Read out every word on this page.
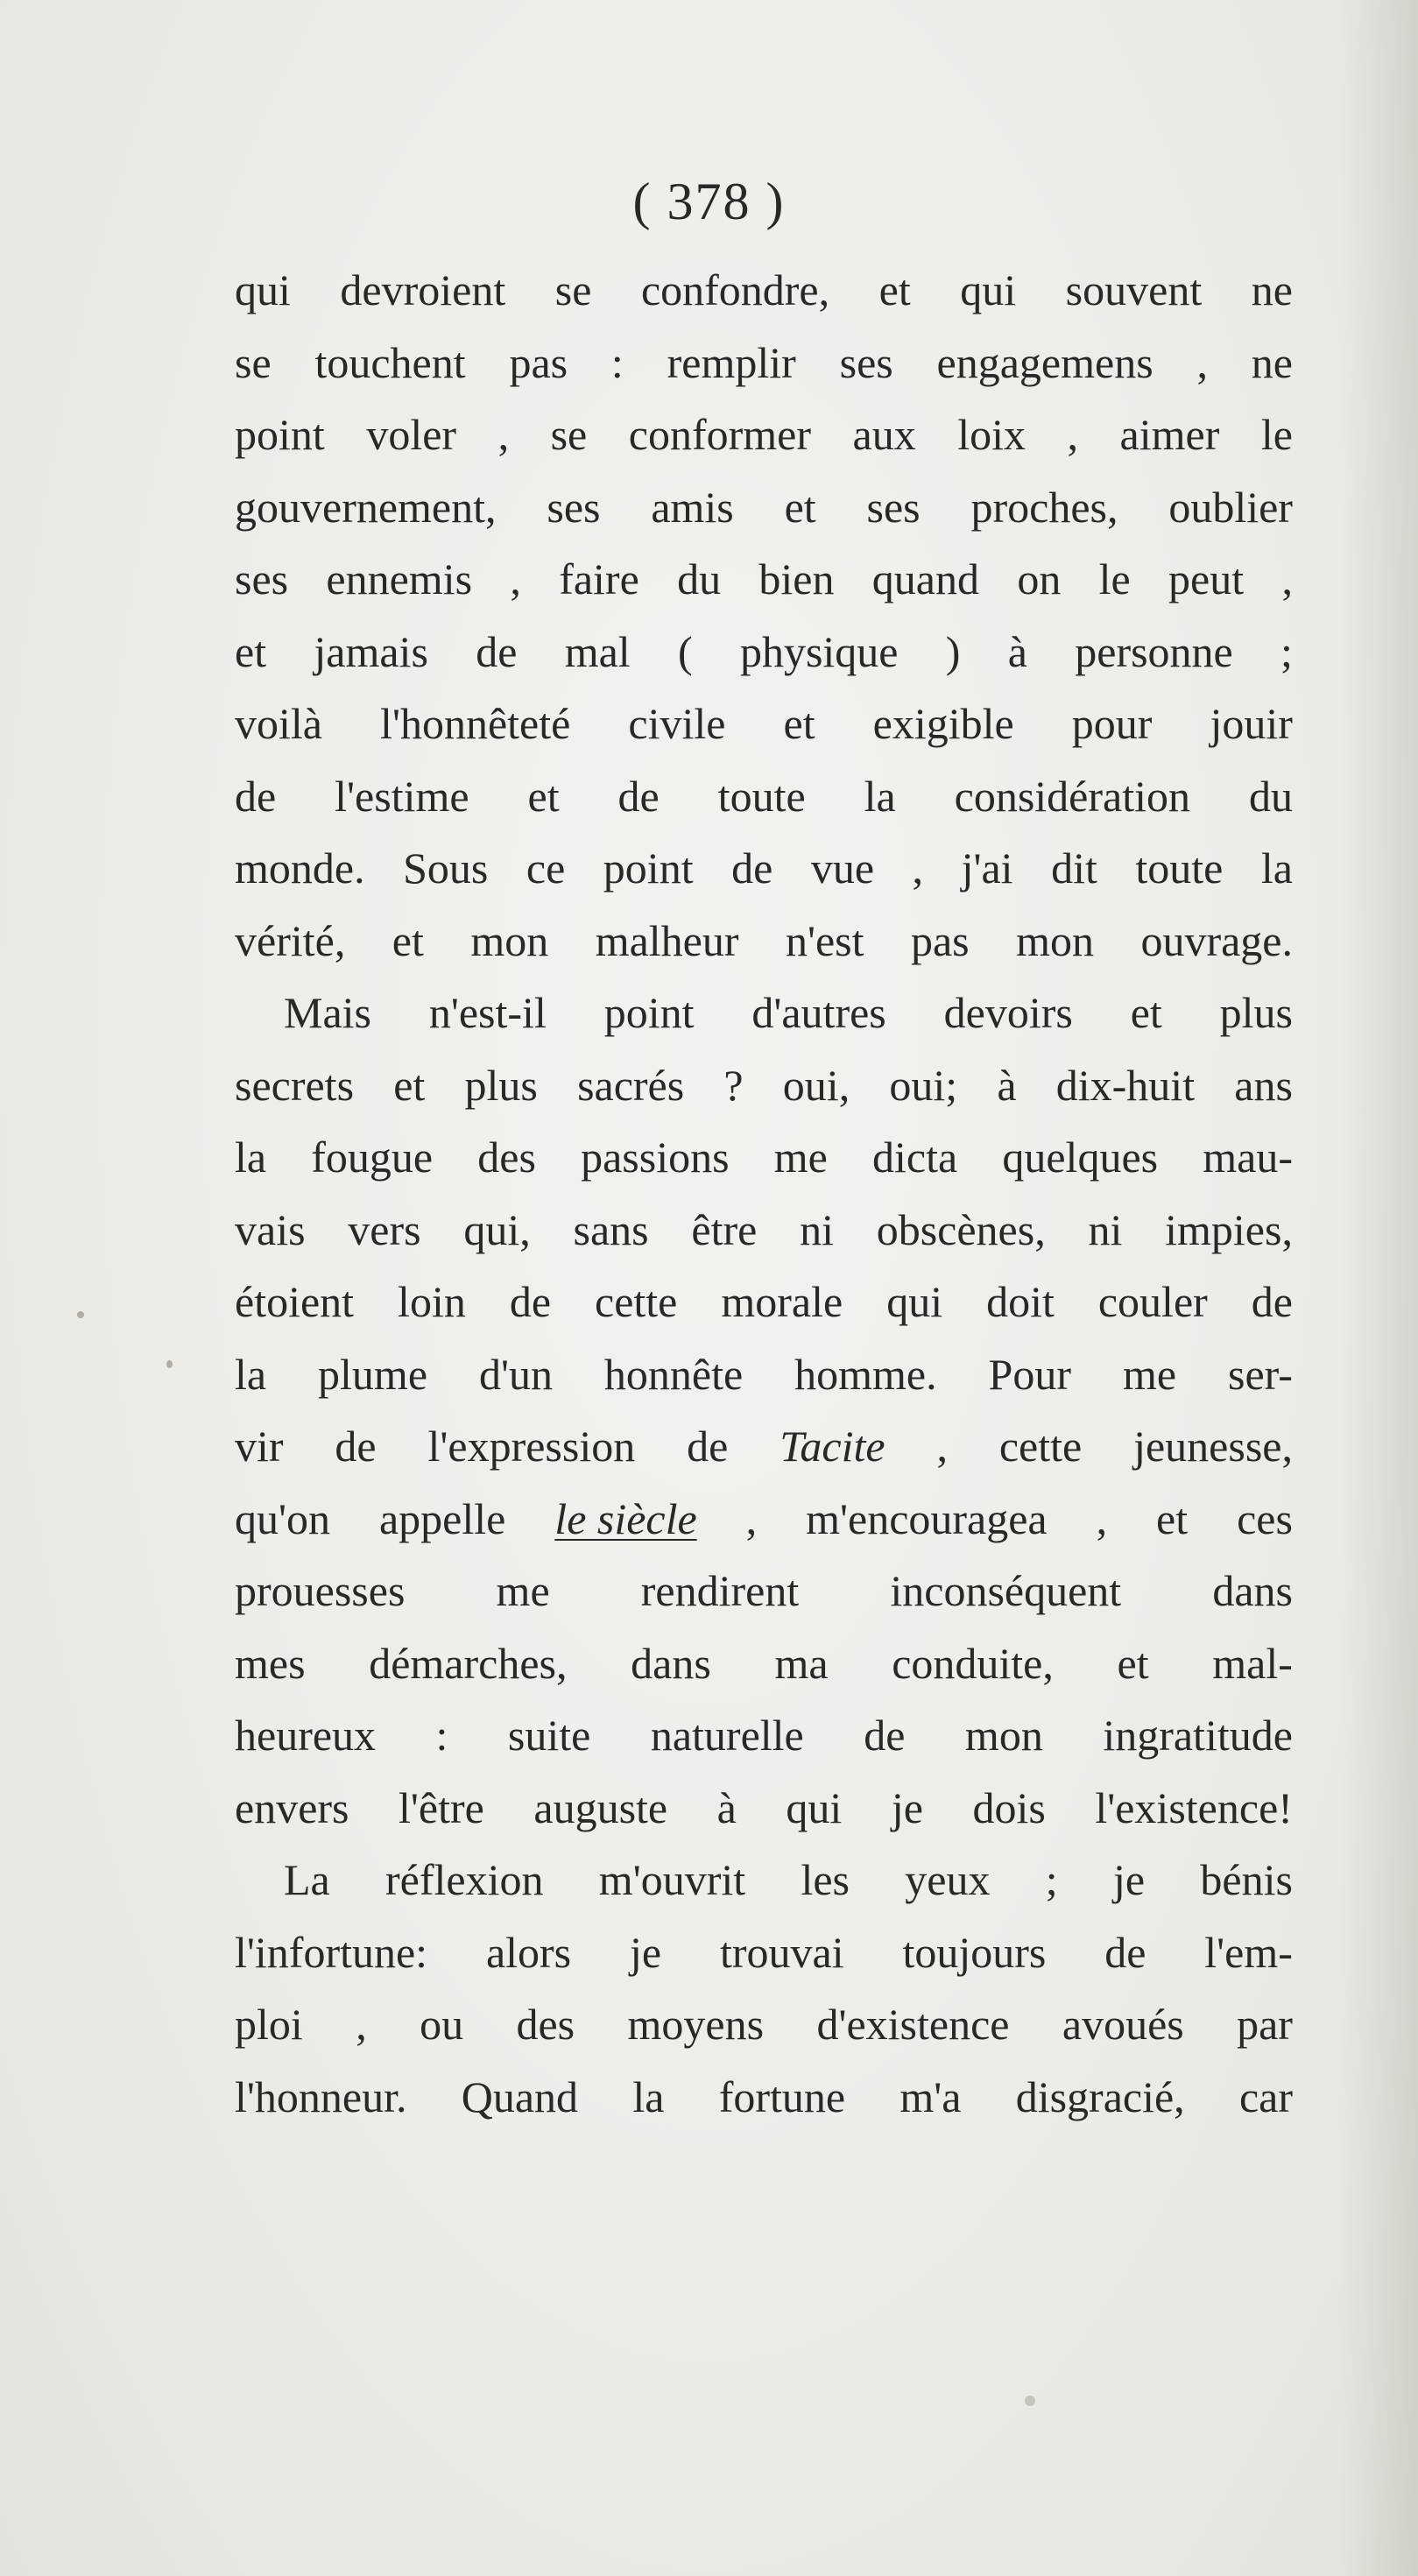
( 378 )
qui devroient se confondre, et qui souvent ne
se touchent pas : remplir ses engagemens , ne
point voler , se conformer aux loix , aimer le
gouvernement, ses amis et ses proches, oublier
ses ennemis , faire du bien quand on le peut ,
et jamais de mal ( physique ) à personne ;
voilà l'honnêteté civile et exigible pour jouir
de l'estime et de toute la considération du
monde. Sous ce point de vue , j'ai dit toute la
vérité, et mon malheur n'est pas mon ouvrage.
Mais n'est-il point d'autres devoirs et plus
secrets et plus sacrés ? oui, oui; à dix-huit ans
la fougue des passions me dicta quelques mau-
vais vers qui, sans être ni obscènes, ni impies,
étoient loin de cette morale qui doit couler de
la plume d'un honnête homme. Pour me ser-
vir de l'expression de Tacite , cette jeunesse,
qu'on appelle le siècle , m'encouragea , et ces
prouesses me rendirent inconséquent dans
mes démarches, dans ma conduite, et mal-
heureux : suite naturelle de mon ingratitude
envers l'être auguste à qui je dois l'existence!
La réflexion m'ouvrit les yeux ; je bénis
l'infortune: alors je trouvai toujours de l'em-
ploi , ou des moyens d'existence avoués par
l'honneur. Quand la fortune m'a disgracié, car
